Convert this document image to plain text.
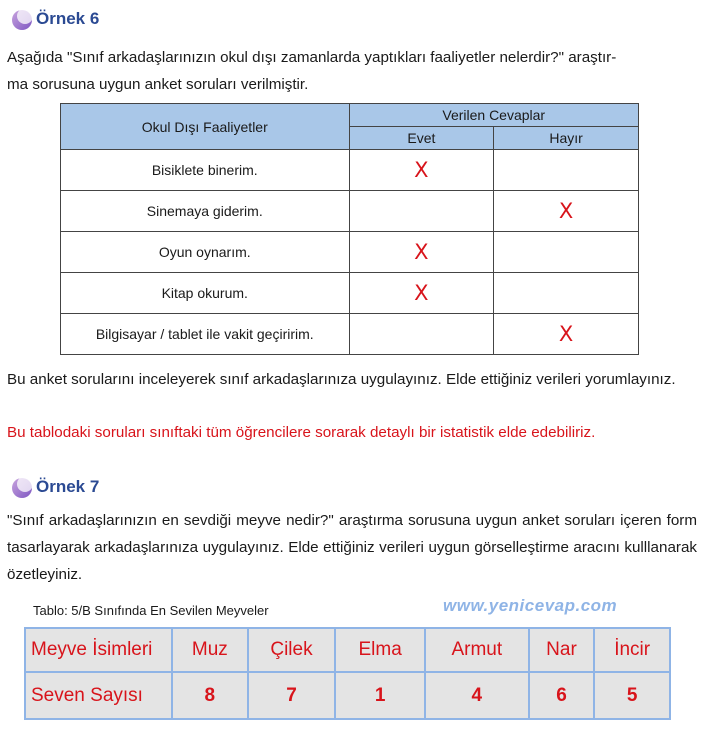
Örnek 6
Aşağıda "Sınıf arkadaşlarınızın okul dışı zamanlarda yaptıkları faaliyetler nelerdir?" araştır-
ma sorusuna uygun anket soruları verilmiştir.
Okul Dışı Faaliyetler	Verilen Cevaplar	
	Evet	Hayır
Bisiklete binerim.	X	
Sinemaya giderim.		X
Oyun oynarım.	X	
Kitap okurum.	X	
Bilgisayar / tablet ile vakit geçiririm.		X
Bu anket sorularını inceleyerek sınıf arkadaşlarınıza uygulayınız. Elde ettiğiniz verileri yorumlayınız.
Bu tablodaki soruları sınıftaki tüm öğrencilere sorarak detaylı bir istatistik elde edebiliriz.
Örnek 7
"Sınıf arkadaşlarınızın en sevdiği meyve nedir?" araştırma sorusuna uygun anket soruları içeren form tasarlayarak arkadaşlarınıza uygulayınız. Elde ettiğiniz verileri uygun görselleştirme aracını kulllanarak özetleyiniz.
Tablo: 5/B Sınıfında En Sevilen Meyveler	www.yenicevap.com
Meyve İsimleri	Muz	Çilek	Elma	Armut	Nar	İncir
Seven Sayısı	8	7	1	4	6	5
